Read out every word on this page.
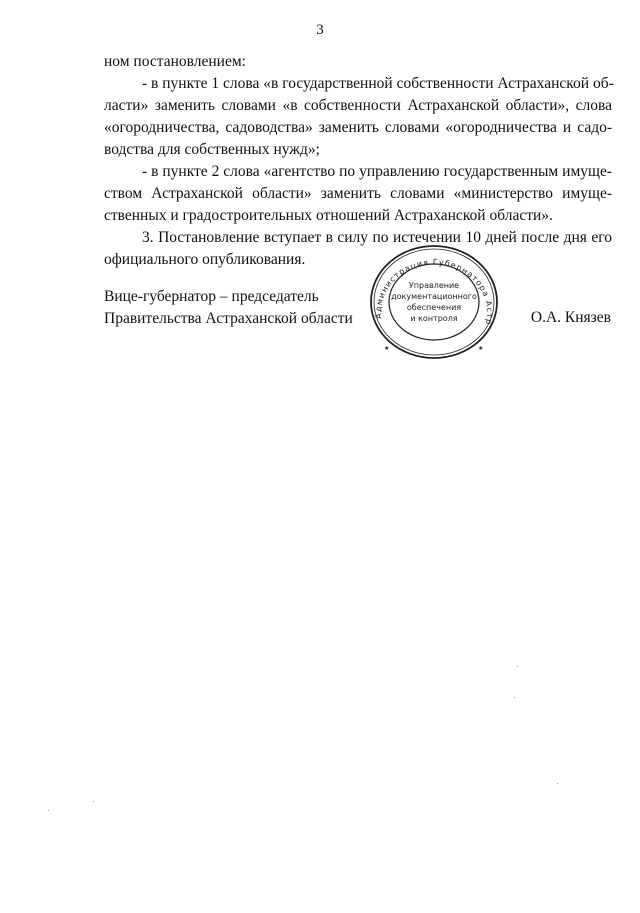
3
ном постановлением:
- в пункте 1 слова «в государственной собственности Астраханской об-
ласти» заменить словами «в собственности Астраханской области», слова
«огородничества, садоводства» заменить словами «огородничества и садо-
водства для собственных нужд»;
- в пункте 2 слова «агентство по управлению государственным имуще-
ством Астраханской области» заменить словами «министерство имуще-
ственных и градостроительных отношений Астраханской области».
3. Постановление вступает в силу по истечении 10 дней после дня его
официального опубликования.
Вице-губернатор – председатель
Правительства Астраханской области	Администрация Губернатора Астр
★	★
Управление
документационного
обеспечения
и контроля	О.А. Князев
